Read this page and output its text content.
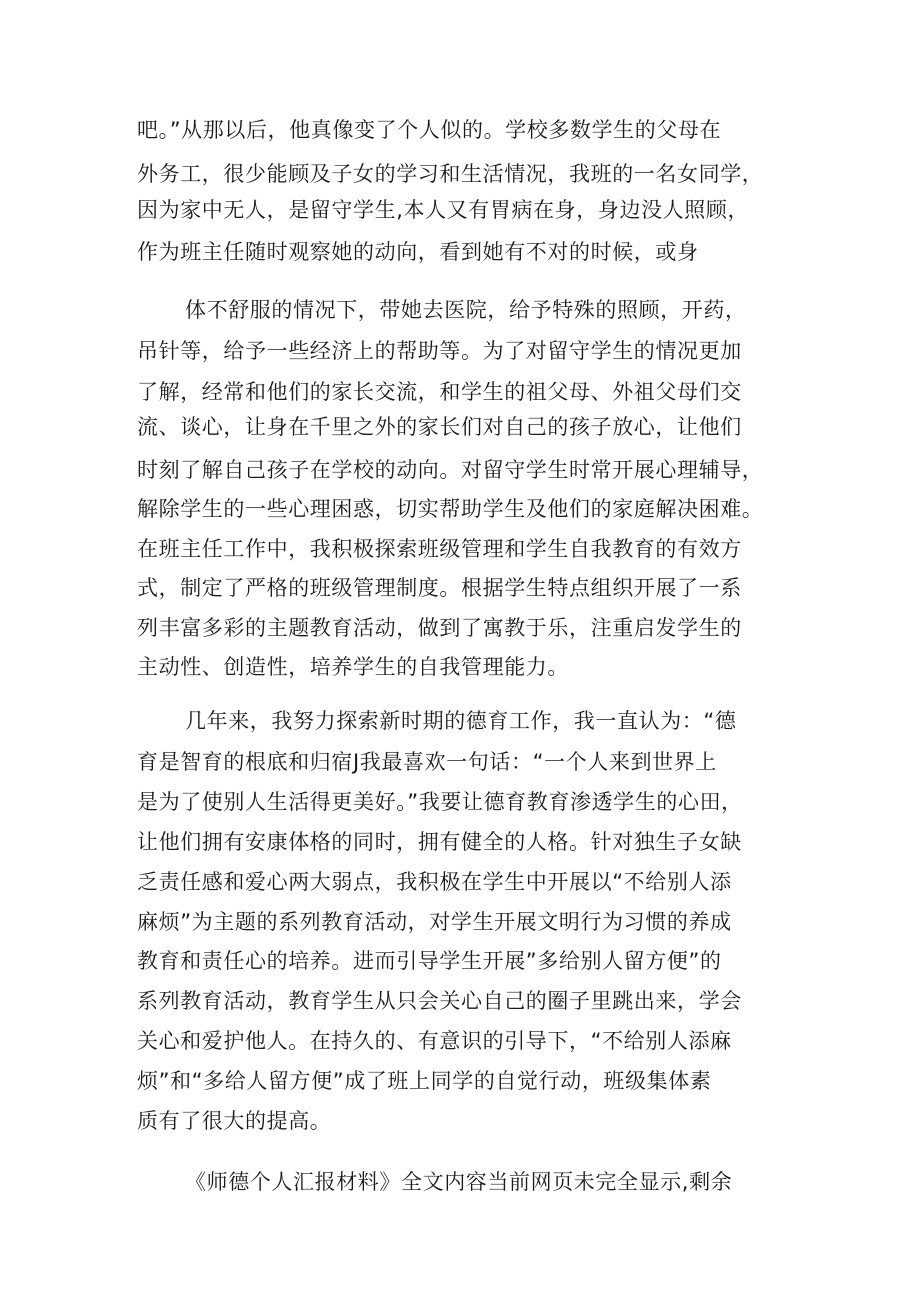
吧。”从那以后，他真像变了个人似的。学校多数学生的父母在
外务工，很少能顾及子女的学习和生活情况，我班的一名女同学，
因为家中无人，是留守学生,本人又有胃病在身，身边没人照顾，
作为班主任随时观察她的动向，看到她有不对的时候，或身
体不舒服的情况下，带她去医院，给予特殊的照顾，开药，
吊针等，给予一些经济上的帮助等。为了对留守学生的情况更加
了解，经常和他们的家长交流，和学生的祖父母、外祖父母们交
流、谈心，让身在千里之外的家长们对自己的孩子放心，让他们
时刻了解自己孩子在学校的动向。对留守学生时常开展心理辅导，
解除学生的一些心理困惑，切实帮助学生及他们的家庭解决困难。
在班主任工作中，我积极探索班级管理和学生自我教育的有效方
式，制定了严格的班级管理制度。根据学生特点组织开展了一系
列丰富多彩的主题教育活动，做到了寓教于乐，注重启发学生的
主动性、创造性，培养学生的自我管理能力。
几年来，我努力探索新时期的德育工作，我一直认为：“德
育是智育的根底和归宿J我最喜欢一句话：“一个人来到世界上
是为了使别人生活得更美好。”我要让德育教育渗透学生的心田，
让他们拥有安康体格的同时，拥有健全的人格。针对独生子女缺
乏责任感和爱心两大弱点，我积极在学生中开展以“不给别人添
麻烦”为主题的系列教育活动，对学生开展文明行为习惯的养成
教育和责任心的培养。进而引导学生开展”多给别人留方便”的
系列教育活动，教育学生从只会关心自己的圈子里跳出来，学会
关心和爱护他人。在持久的、有意识的引导下，“不给别人添麻
烦”和“多给人留方便”成了班上同学的自觉行动，班级集体素
质有了很大的提高。
《师德个人汇报材料》全文内容当前网页未完全显示,剩余
